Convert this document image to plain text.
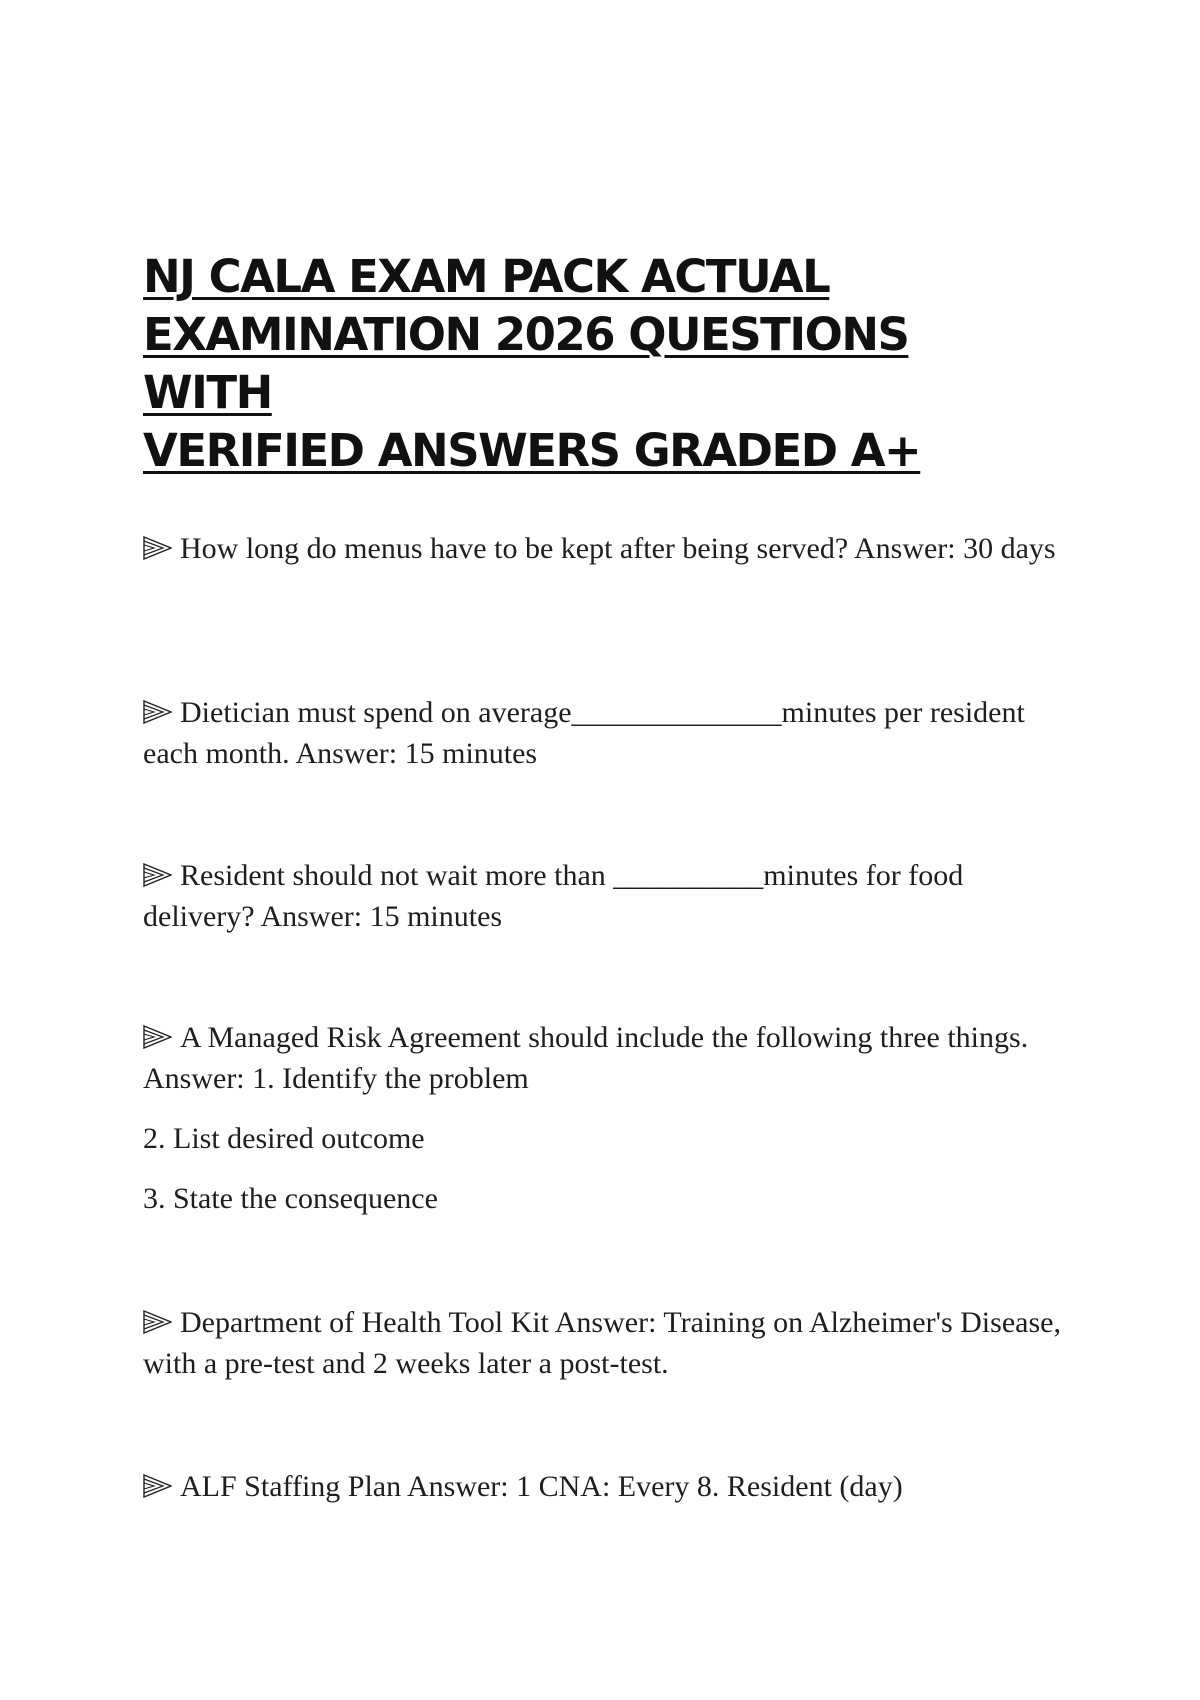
NJ CALA EXAM PACK ACTUAL
EXAMINATION 2026 QUESTIONS WITH
VERIFIED ANSWERS GRADED A+

How long do menus have to be kept after being served? Answer: 30 days

Dietician must spend on average______________minutes per resident each month. Answer: 15 minutes

Resident should not wait more than __________minutes for food delivery? Answer: 15 minutes

A Managed Risk Agreement should include the following three things. Answer: 1. Identify the problem

2. List desired outcome

3. State the consequence

Department of Health Tool Kit Answer: Training on Alzheimer's Disease, with a pre-test and 2 weeks later a post-test.

ALF Staffing Plan Answer: 1 CNA: Every 8. Resident (day)
